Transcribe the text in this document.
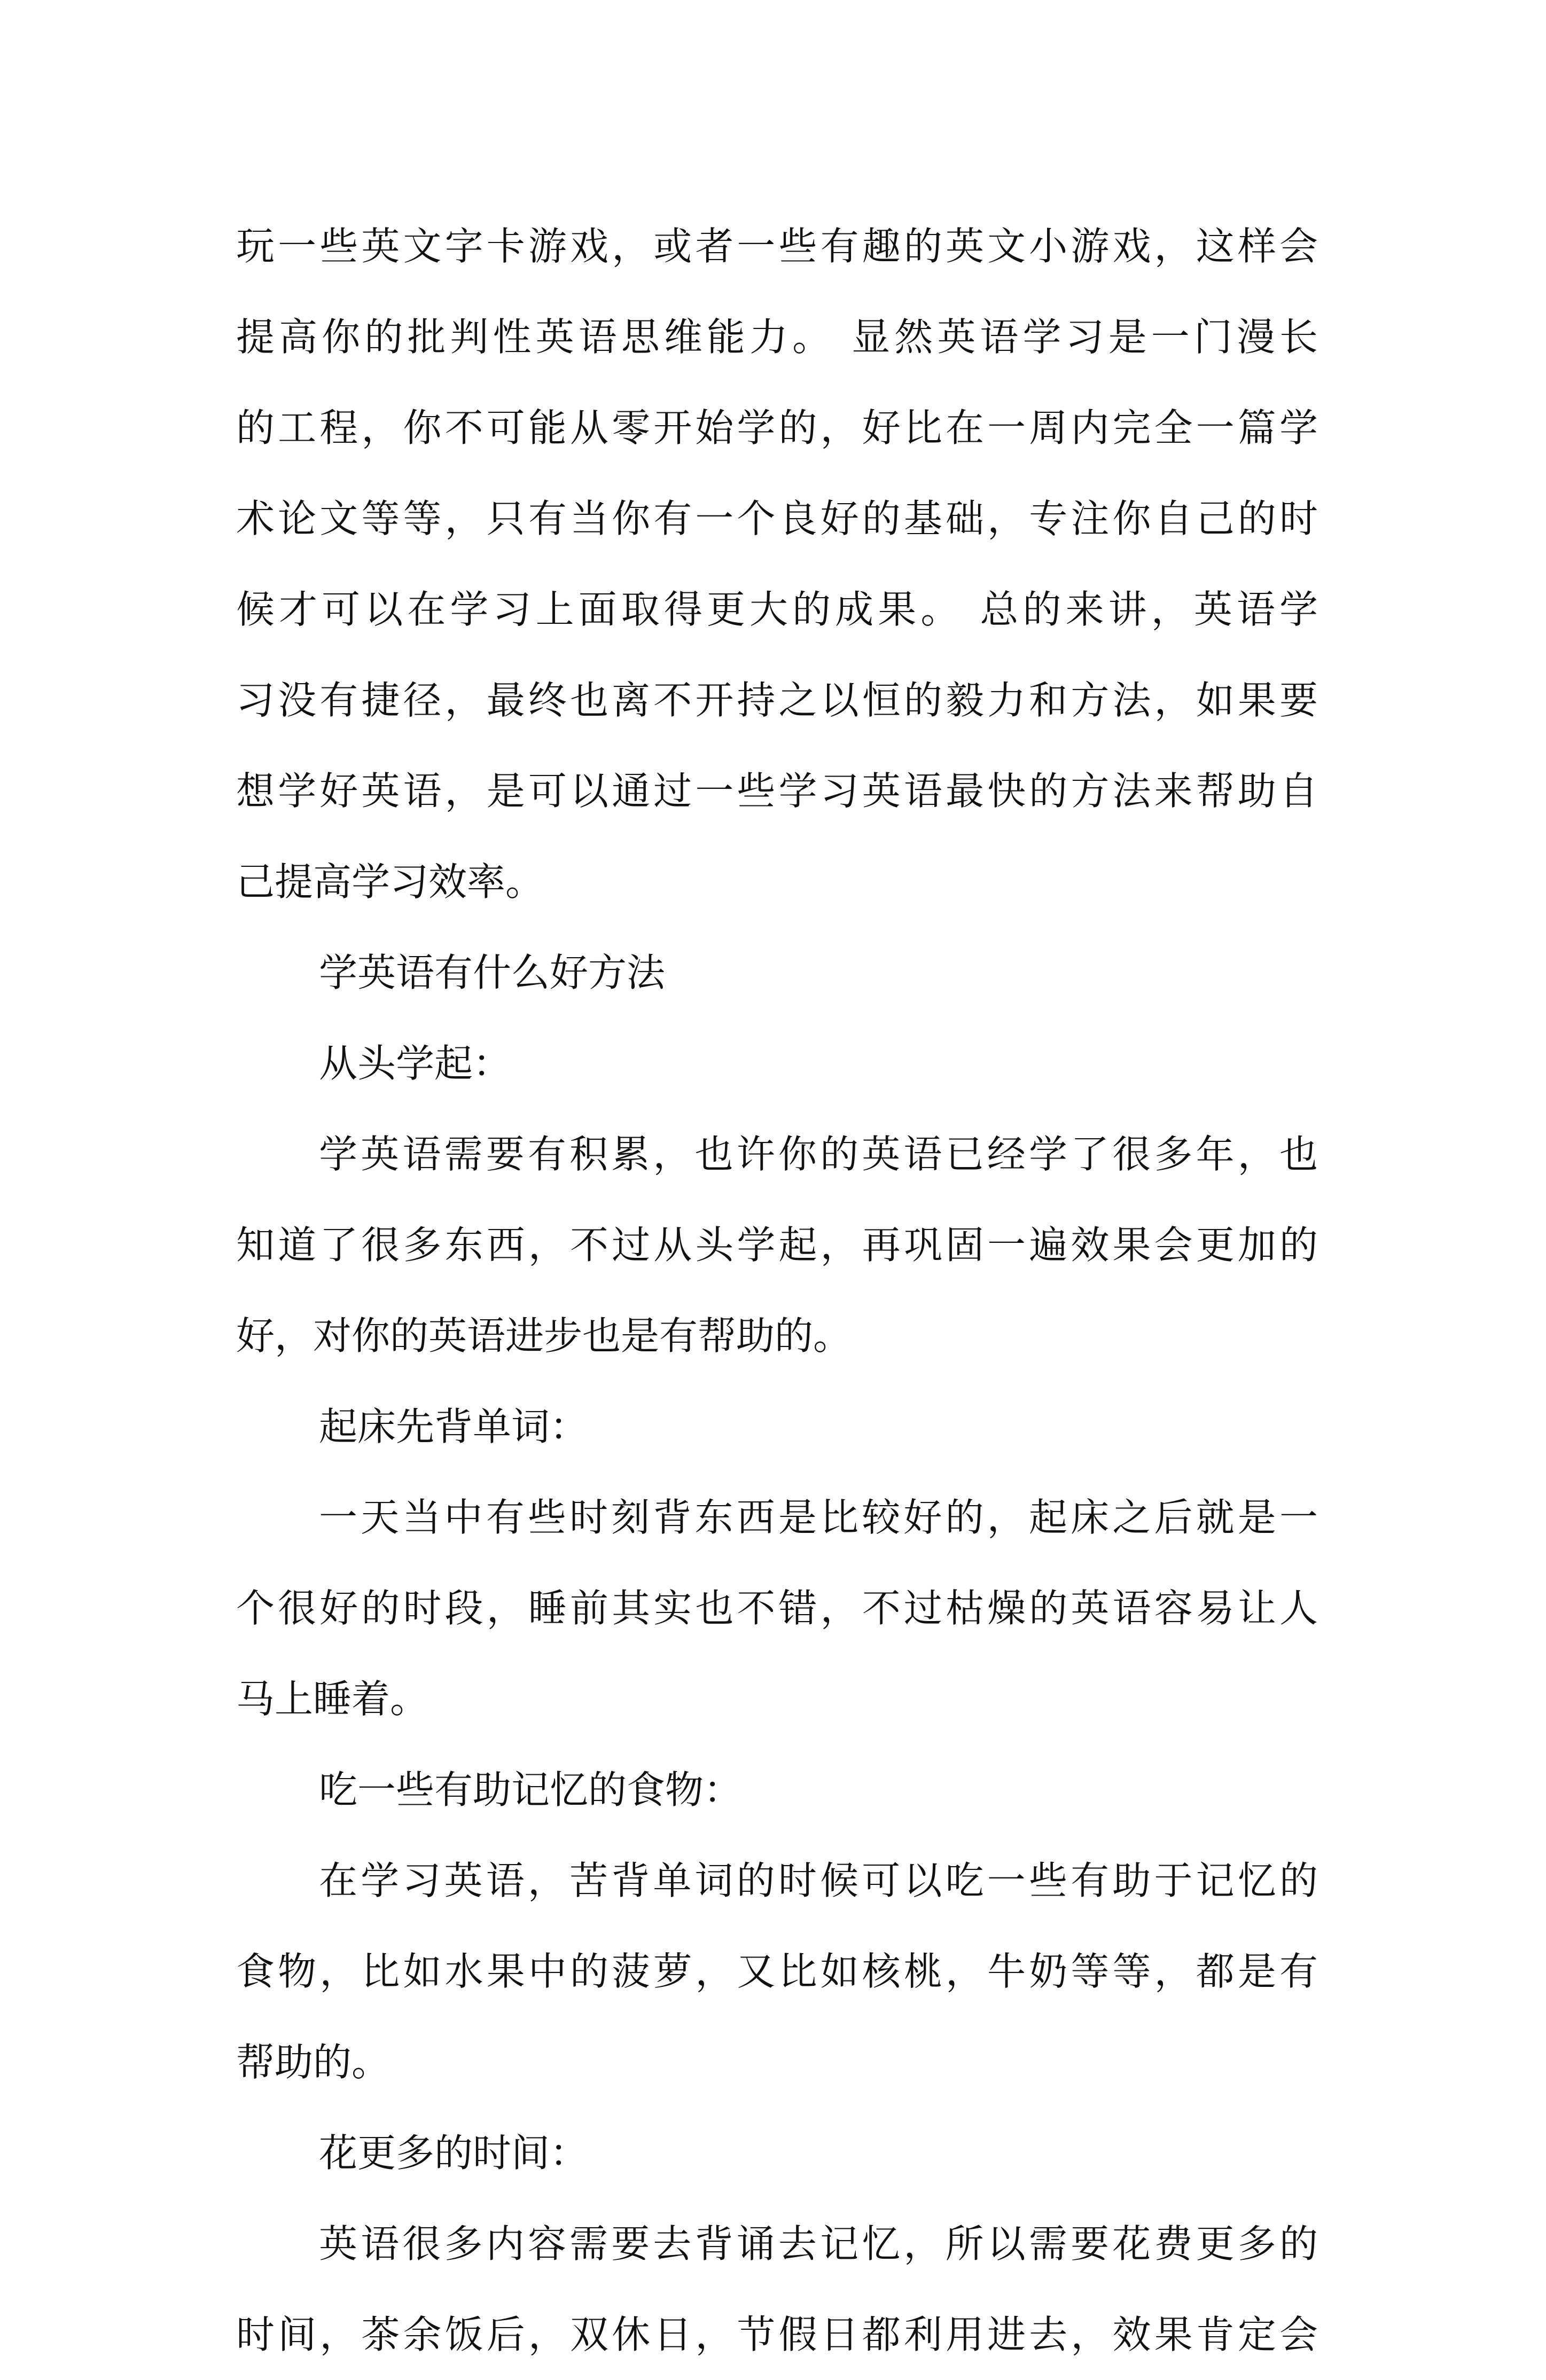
玩一些英文字卡游戏，或者一些有趣的英文小游戏，这样会
提高你的批判性英语思维能力。 显然英语学习是一门漫长
的工程，你不可能从零开始学的，好比在一周内完全一篇学
术论文等等，只有当你有一个良好的基础，专注你自己的时
候才可以在学习上面取得更大的成果。 总的来讲，英语学
习没有捷径，最终也离不开持之以恒的毅力和方法，如果要
想学好英语，是可以通过一些学习英语最快的方法来帮助自
己提高学习效率。
学英语有什么好方法
从头学起：
学英语需要有积累，也许你的英语已经学了很多年，也
知道了很多东西，不过从头学起，再巩固一遍效果会更加的
好，对你的英语进步也是有帮助的。
起床先背单词：
一天当中有些时刻背东西是比较好的，起床之后就是一
个很好的时段，睡前其实也不错，不过枯燥的英语容易让人
马上睡着。
吃一些有助记忆的食物：
在学习英语，苦背单词的时候可以吃一些有助于记忆的
食物，比如水果中的菠萝，又比如核桃，牛奶等等，都是有
帮助的。
花更多的时间：
英语很多内容需要去背诵去记忆，所以需要花费更多的
时间，茶余饭后，双休日，节假日都利用进去，效果肯定会
